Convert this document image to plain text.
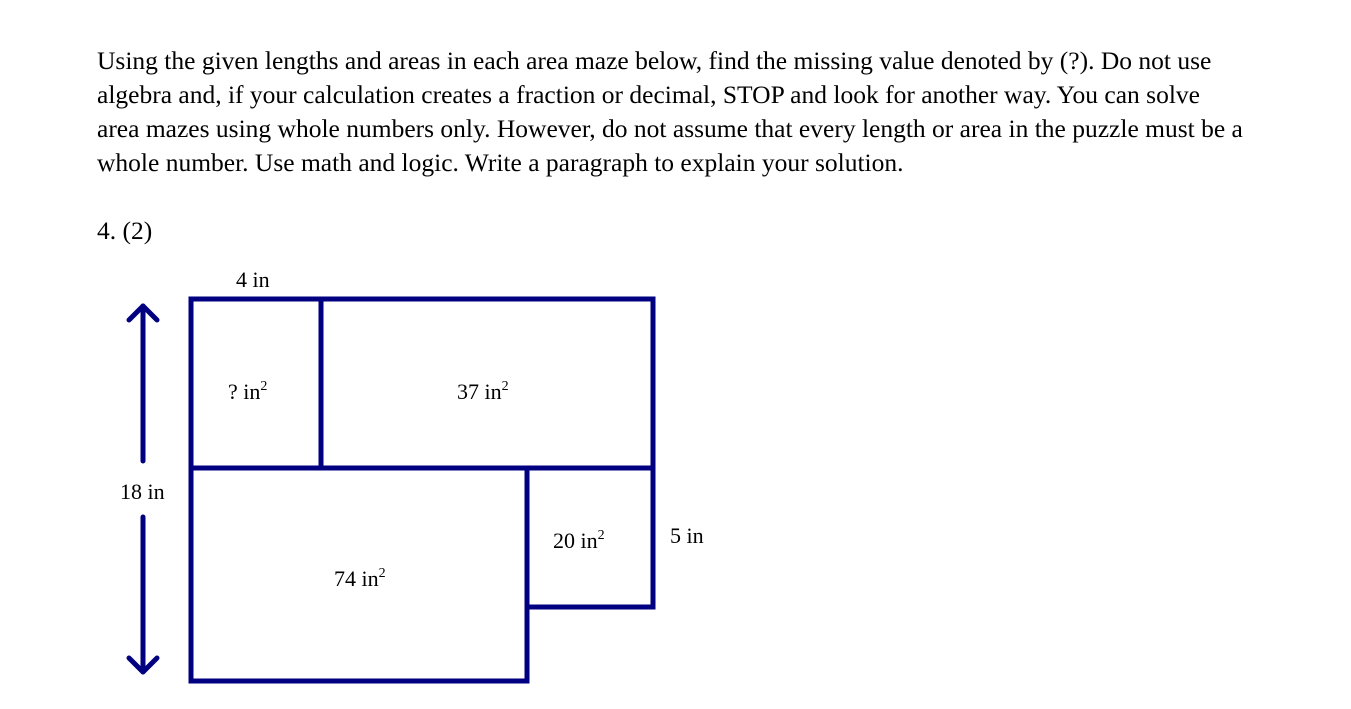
Using the given lengths and areas in each area maze below, find the missing value denoted by (?). Do not use algebra and, if your calculation creates a fraction or decimal, STOP and look for another way. You can solve area mazes using whole numbers only. However, do not assume that every length or area in the puzzle must be a whole number. Use math and logic. Write a paragraph to explain your solution.

4. (2)

4 in
18 in
5 in
? $in^2$	37 $in^2$
20 $in^2$
74 $in^2$
